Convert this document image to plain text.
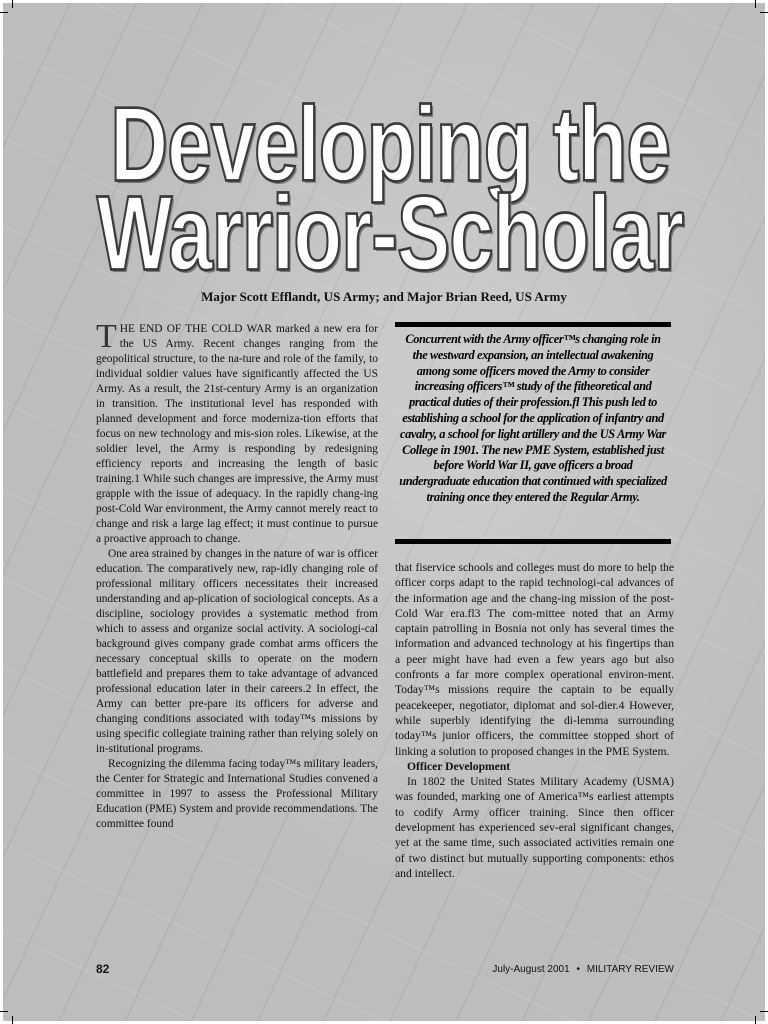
Developing the
Warrior-Scholar

Major Scott Efflandt, US Army; and Major Brian Reed, US Army

THE END OF THE COLD WAR marked a new era for the US Army. Recent changes ranging from the geopolitical structure, to the na-ture and role of the family, to individual soldier values have significantly affected the US Army. As a result, the 21st-century Army is an organization in transition. The institutional level has responded with planned development and force moderniza-tion efforts that focus on new technology and mis-sion roles. Likewise, at the soldier level, the Army is responding by redesigning efficiency reports and increasing the length of basic training.1 While such changes are impressive, the Army must grapple with the issue of adequacy. In the rapidly chang-ing post-Cold War environment, the Army cannot merely react to change and risk a large lag effect; it must continue to pursue a proactive approach to change.

One area strained by changes in the nature of war is officer education. The comparatively new, rap-idly changing role of professional military officers necessitates their increased understanding and ap-plication of sociological concepts. As a discipline, sociology provides a systematic method from which to assess and organize social activity. A sociologi-cal background gives company grade combat arms officers the necessary conceptual skills to operate on the modern battlefield and prepares them to take advantage of advanced professional education later in their careers.2 In effect, the Army can better pre-pare its officers for adverse and changing conditions associated with today™s missions by using specific collegiate training rather than relying solely on in-stitutional programs.

Recognizing the dilemma facing today™s military leaders, the Center for Strategic and International Studies convened a committee in 1997 to assess the Professional Military Education (PME) System and provide recommendations. The committee found

Concurrent with the Army officer™s changing role in the westward expansion, an intellectual awakening among some officers moved the Army to consider increasing officers™ study of the fitheoretical and practical duties of their profession.fl This push led to establishing a school for the application of infantry and cavalry, a school for light artillery and the US Army War College in 1901. The new PME System, established just before World War II, gave officers a broad undergraduate education that continued with specialized training once they entered the Regular Army.

that fiservice schools and colleges must do more to help the officer corps adapt to the rapid technologi-cal advances of the information age and the chang-ing mission of the post-Cold War era.fl3 The com-mittee noted that an Army captain patrolling in Bosnia not only has several times the information and advanced technology at his fingertips than a peer might have had even a few years ago but also confronts a far more complex operational environ-ment. Today™s missions require the captain to be equally peacekeeper, negotiator, diplomat and sol-dier.4 However, while superbly identifying the di-lemma surrounding today™s junior officers, the committee stopped short of linking a solution to proposed changes in the PME System.

Officer Development

In 1802 the United States Military Academy (USMA) was founded, marking one of America™s earliest attempts to codify Army officer training. Since then officer development has experienced sev-eral significant changes, yet at the same time, such associated activities remain one of two distinct but mutually supporting components: ethos and intellect.

82	July-August 2001 • MILITARY REVIEW
